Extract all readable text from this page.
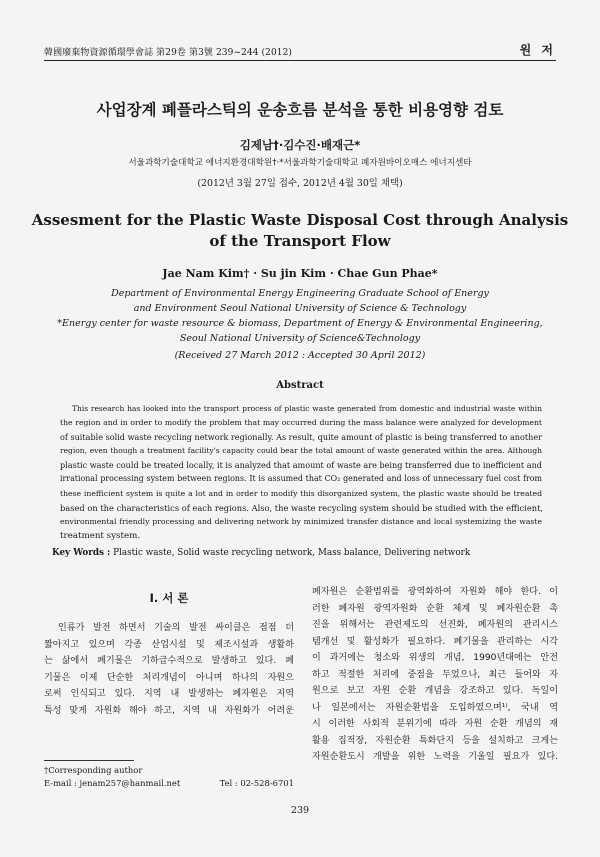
韓國廢棄物資源循環學會誌 第29卷 第3號 239~244 (2012)	원 저
사업장계 폐플라스틱의 운송흐름 분석을 통한 비용영향 검토
김제남†·김수진·배재근*
서울과학기술대학교 에너지환경대학원†·*서울과학기술대학교 폐자원바이오매스 에너지센타
(2012년 3월 27일 접수, 2012년 4월 30일 채택)
Assesment for the Plastic Waste Disposal Cost through Analysis
of the Transport Flow
Jae Nam Kim† · Su jin Kim · Chae Gun Phae*
Department of Environmental Energy Engineering Graduate School of Energy
and Environment Seoul National University of Science & Technology
*Energy center for waste resource & biomass, Department of Energy & Environmental Engineering,
Seoul National University of Science&Technology
(Received 27 March 2012 : Accepted 30 April 2012)
Abstract
This research has looked into the transport process of plastic waste generated from domestic and industrial waste within
the region and in order to modify the problem that may occurred during the mass balance were analyzed for development
of suitable solid waste recycling network regionally. As result, quite amount of plastic is being transferred to another
region, even though a treatment facility's capacity could bear the total amount of waste generated within the area. Although
plastic waste could be treated locally, it is analyzed that amount of waste are being transferred due to inefficient and
irrational processing system between regions. It is assumed that CO₂ generated and loss of unnecessary fuel cost from
these inefficient system is quite a lot and in order to modify this disorganized system, the plastic waste should be treated
based on the characteristics of each regions. Also, the waste recycling system should be studied with the efficient,
environmental friendly processing and delivering network by minimized transfer distance and local systemizing the waste
treatment system.
Key Words : Plastic waste, Solid waste recycling network, Mass balance, Delivering network
I. 서 론
인류가 발전 하면서 기술의 발전 싸이클은 점점 더
짧아지고 있으며 각종 산업시설 및 제조시설과 생활하
는 삶에서 폐기물은 기하급수적으로 발생하고 있다. 폐
기물은 이제 단순한 처리개념이 아니며 하나의 자원으
로써 인식되고 있다. 지역 내 발생하는 폐자원은 지역
특성 맞게 자원화 해야 하고, 지역 내 자원화가 어려운
폐자원은 순환범위를 광역화하여 자원화 해야 한다. 이
러한 폐자원 광역자원화 순환 체계 및 폐자원순환 촉
진을 위해서는 관련제도의 선진화, 폐자원의 관리시스
템개선 및 활성화가 필요하다. 폐기물을 관리하는 시각
이 과거에는 청소와 위생의 개념, 1990년대에는 안전
하고 적절한 처리에 중점을 두었으나, 최근 들어와 자
원으로 보고 자원 순환 개념을 강조하고 있다. 독일이
나 일본에서는 자원순환법을 도입하였으며¹⁾, 국내 역
시 이러한 사회적 분위기에 따라 자원 순환 개념의 재
활용 집적장, 자원순환 특화단지 등을 설치하고 크게는
자원순환도시 개발을 위한 노력을 기울일 필요가 있다.
†Corresponding author
E-mail : jenam257@hanmail.net	Tel : 02-528-6701
239
